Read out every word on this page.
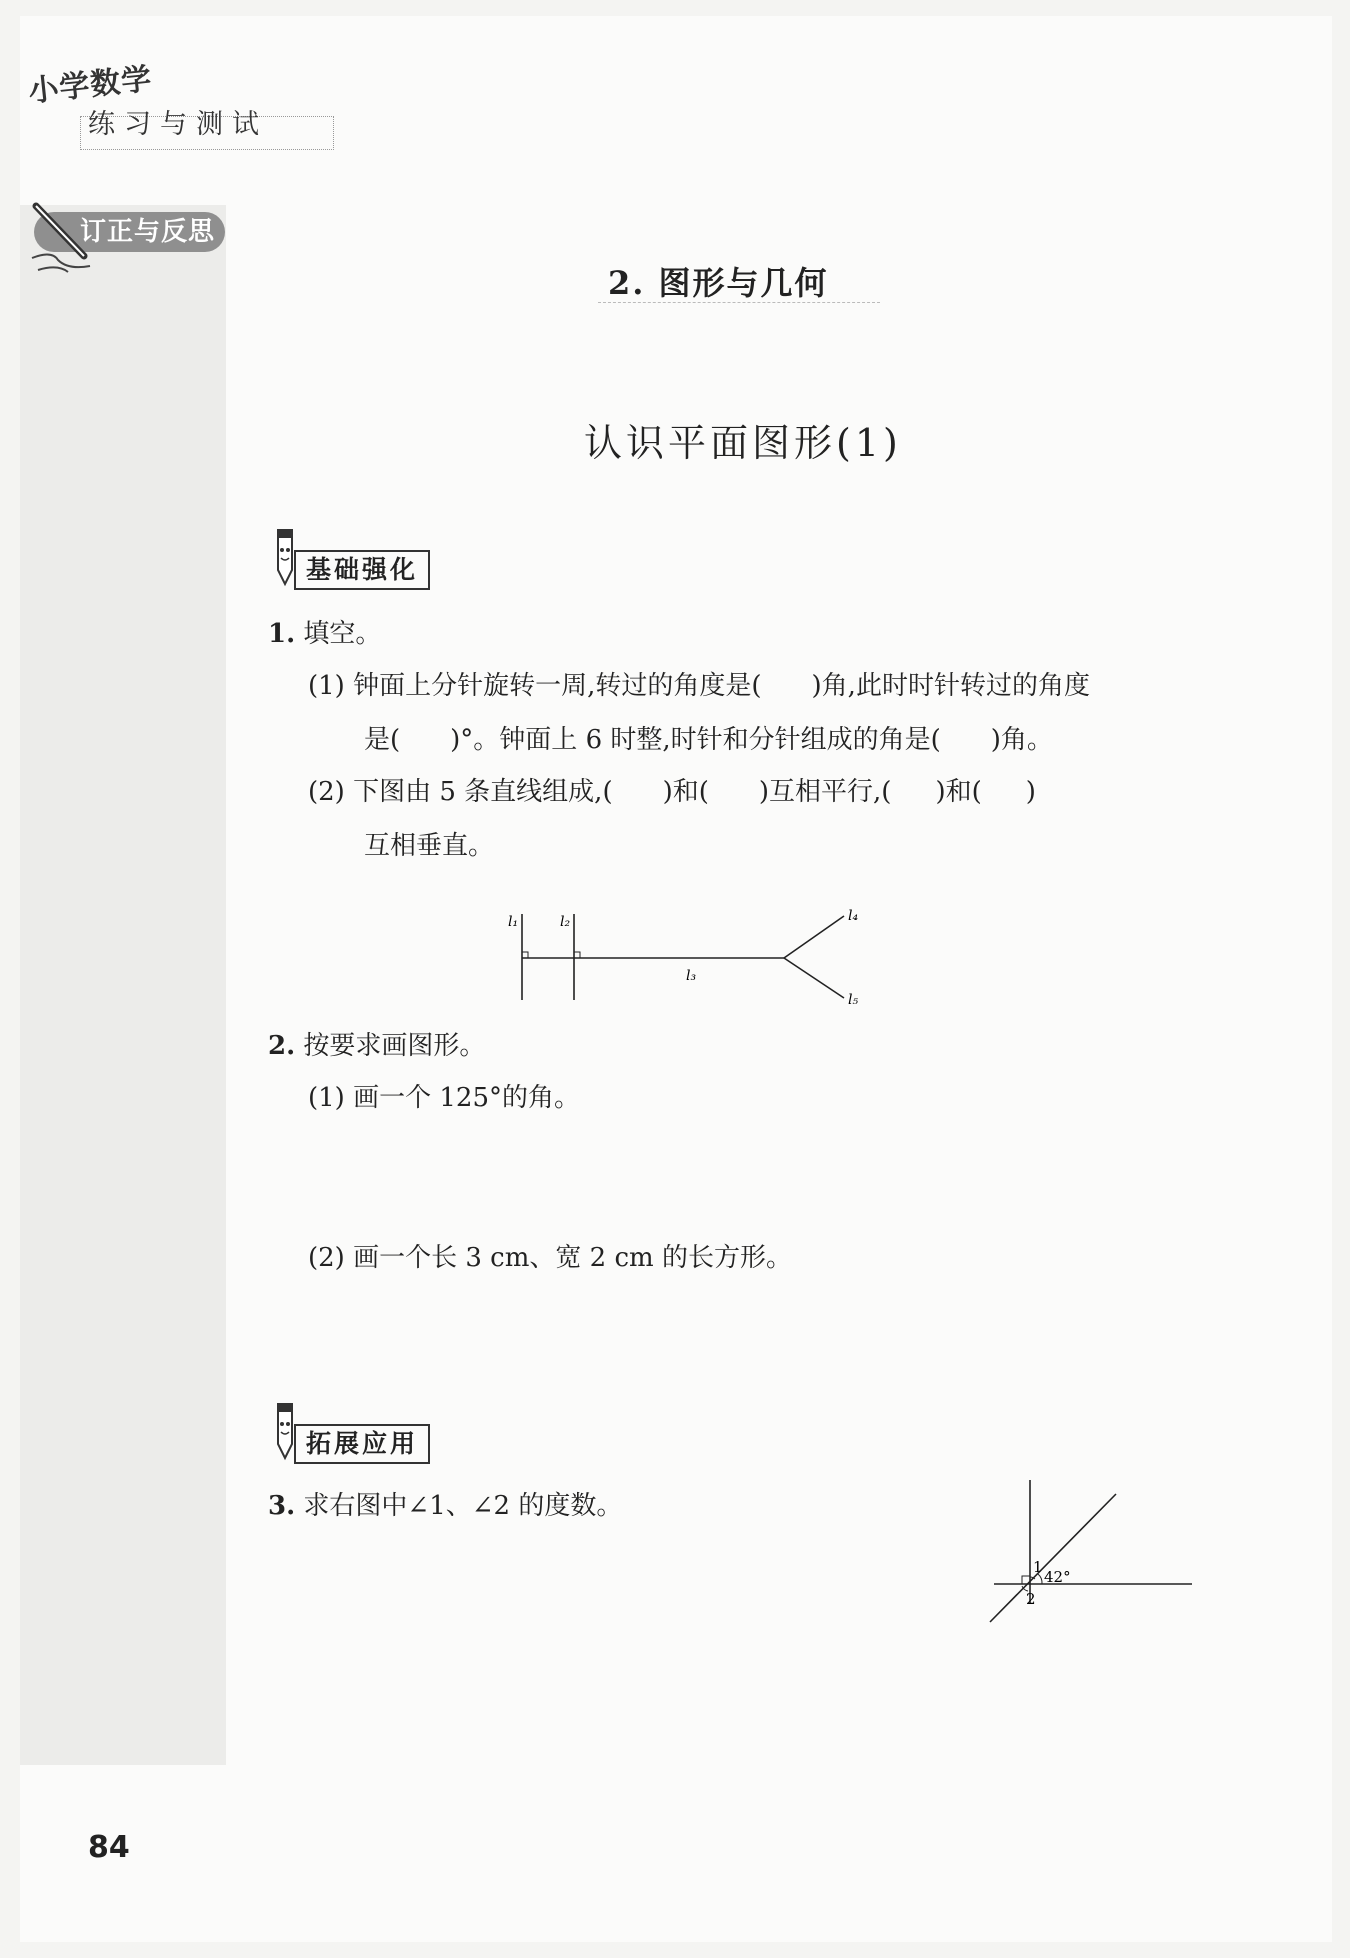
小学数学
练习与测试
订正与反思
2. 图形与几何
认识平面图形(1)
基础强化
1. 填空。
(1) 钟面上分针旋转一周,转过的角度是( )角,此时时针转过的角度
是( )°。钟面上 6 时整,时针和分针组成的角是( )角。
(2) 下图由 5 条直线组成,( )和( )互相平行,( )和( )
互相垂直。
l₁	l₂
l₃
l₄
l₅
2. 按要求画图形。
(1) 画一个 125°的角。
(2) 画一个长 3 cm、宽 2 cm 的长方形。
拓展应用
3. 求右图中∠1、∠2 的度数。
1
42°
2
84
